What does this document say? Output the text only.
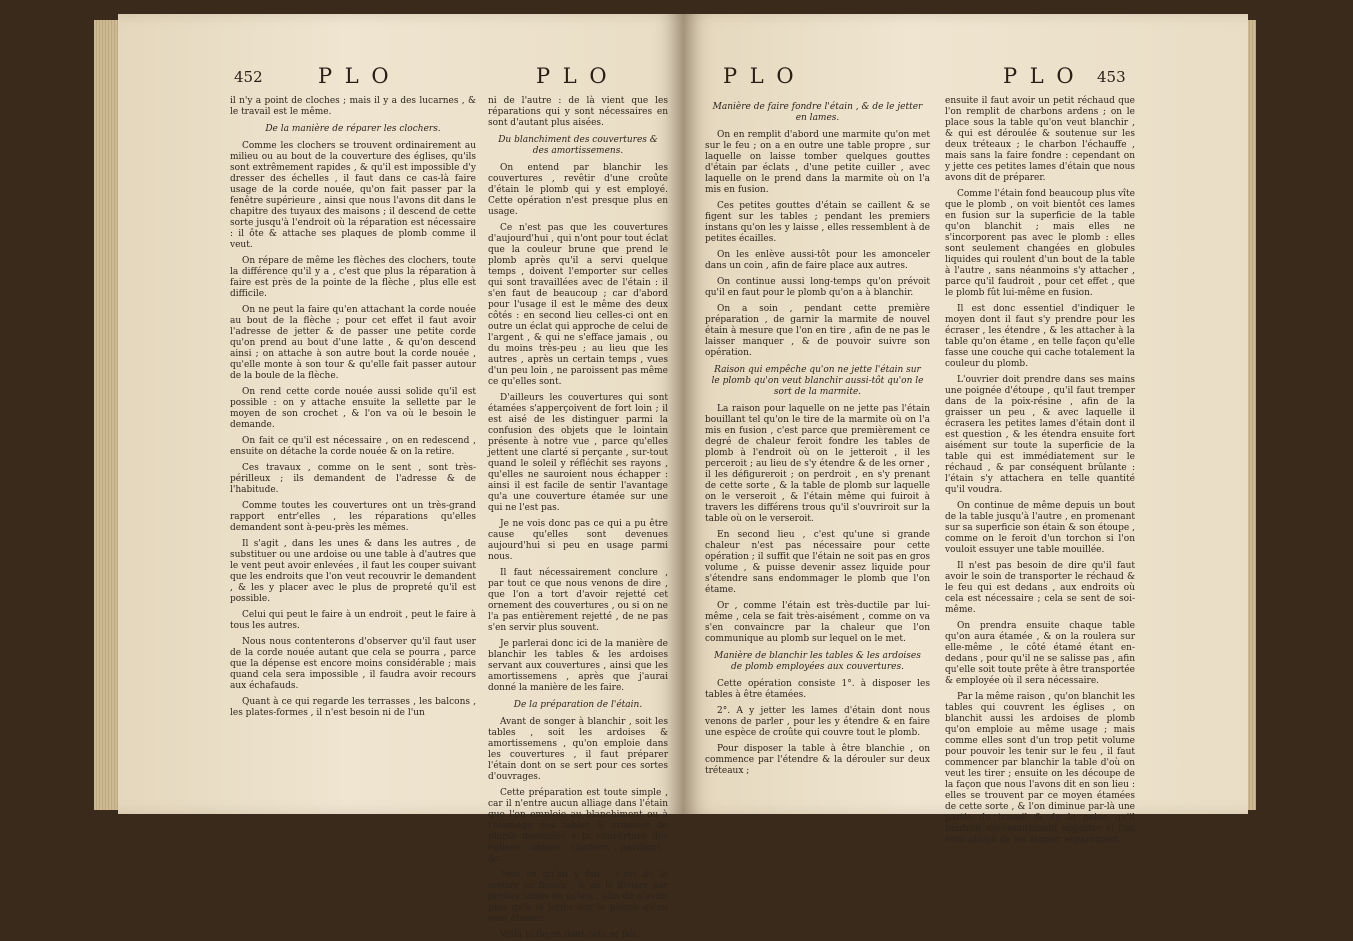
452	P L O	P L O

il n'y a point de cloches ; mais il y a des lucarnes , & le travail est le même.

De la manière de réparer les clochers.

Comme les clochers se trouvent ordinairement au milieu ou au bout de la couverture des églises, qu'ils sont extrêmement rapides , & qu'il est impossible d'y dresser des échelles , il faut dans ce cas-là faire usage de la corde nouée, qu'on fait passer par la fenêtre supérieure , ainsi que nous l'avons dit dans le chapitre des tuyaux des maisons ; il descend de cette sorte jusqu'à l'endroit où la réparation est nécessaire : il ôte & attache ses plaques de plomb comme il veut.

On répare de même les flèches des clochers, toute la différence qu'il y a , c'est que plus la réparation à faire est près de la pointe de la flèche , plus elle est difficile.

On ne peut la faire qu'en attachant la corde nouée au bout de la flèche ; pour cet effet il faut avoir l'adresse de jetter & de passer une petite corde qu'on prend au bout d'une latte , & qu'on descend ainsi ; on attache à son autre bout la corde nouée , qu'elle monte à son tour & qu'elle fait passer autour de la boule de la flèche.

On rend cette corde nouée aussi solide qu'il est possible : on y attache ensuite la sellette par le moyen de son crochet , & l'on va où le besoin le demande.

On fait ce qu'il est nécessaire , on en redescend , ensuite on détache la corde nouée & on la retire.

Ces travaux , comme on le sent , sont très-périlleux ; ils demandent de l'adresse & de l'habitude.

Comme toutes les couvertures ont un très-grand rapport entr'elles , les réparations qu'elles demandent sont à-peu-près les mêmes.

Il s'agit , dans les unes & dans les autres , de substituer ou une ardoise ou une table à d'autres que le vent peut avoir enlevées , il faut les couper suivant que les endroits que l'on veut recouvrir le demandent , & les y placer avec le plus de propreté qu'il est possible.

Celui qui peut le faire à un endroit , peut le faire à tous les autres.

Nous nous contenterons d'observer qu'il faut user de la corde nouée autant que cela se pourra , parce que la dépense est encore moins considérable ; mais quand cela sera impossible , il faudra avoir recours aux échafauds.

Quant à ce qui regarde les terrasses , les balcons , les plates-formes , il n'est besoin ni de l'un

ni de l'autre : de là vient que les réparations qui y sont nécessaires en sont d'autant plus aisées.

Du blanchiment des couvertures & des amortissemens.

On entend par blanchir les couvertures , revêtir d'une croûte d'étain le plomb qui y est employé. Cette opération n'est presque plus en usage.

Ce n'est pas que les couvertures d'aujourd'hui , qui n'ont pour tout éclat que la couleur brune que prend le plomb après qu'il a servi quelque temps , doivent l'emporter sur celles qui sont travaillées avec de l'étain : il s'en faut de beaucoup ; car d'abord pour l'usage il est le même des deux côtés : en second lieu celles-ci ont en outre un éclat qui approche de celui de l'argent , & qui ne s'efface jamais , ou du moins très-peu ; au lieu que les autres , après un certain temps , vues d'un peu loin , ne paroissent pas même ce qu'elles sont.

D'ailleurs les couvertures qui sont étamées s'apperçoivent de fort loin ; il est aisé de les distinguer parmi la confusion des objets que le lointain présente à notre vue , parce qu'elles jettent une clarté si perçante , sur-tout quand le soleil y réfléchit ses rayons , qu'elles ne sauroient nous échapper : ainsi il est facile de sentir l'avantage qu'a une couverture étamée sur une qui ne l'est pas.

Je ne vois donc pas ce qui a pu être cause qu'elles sont devenues aujourd'hui si peu en usage parmi nous.

Il faut nécessairement conclure , par tout ce que nous venons de dire , que l'on a tort d'avoir rejetté cet ornement des couvertures , ou si on ne l'a pas entièrement rejetté , de ne pas s'en servir plus souvent.

Je parlerai donc ici de la manière de blanchir les tables & les ardoises servant aux couvertures , ainsi que les amortissemens , après que j'aurai donné la manière de les faire.

De la préparation de l'étain.

Avant de songer à blanchir , soit les tables , soit les ardoises & amortissemens , qu'on emploie dans les couvertures , il faut préparer l'étain dont on se sert pour ces sortes d'ouvrages.

Cette préparation est toute simple , car il n'entre aucun alliage dans l'étain que l'on emploie au blanchiment ou à l'étamage des tables & ardoises de plomb destinées à la couverture des églises , dômes , clochers , pavillons , &c.

Tout ce qu'on y fait , c'est de le mettre en fusion , & de le diviser par petites lames ou éclats , afin de n'avoir plus qu'à le jetter sur le plomb qu'on veut étamer.

Voilà la façon dont cela se fait.

P L O	P L O 453

Manière de faire fondre l'étain , & de le jetter en lames.

On en remplit d'abord une marmite qu'on met sur le feu ; on a en outre une table propre , sur laquelle on laisse tomber quelques gouttes d'étain par éclats , d'une petite cuiller , avec laquelle on le prend dans la marmite où on l'a mis en fusion.

Ces petites gouttes d'étain se caillent & se figent sur les tables ; pendant les premiers instans qu'on les y laisse , elles ressemblent à de petites écailles.

On les enlève aussi-tôt pour les amonceler dans un coin , afin de faire place aux autres.

On continue aussi long-temps qu'on prévoit qu'il en faut pour le plomb qu'on a à blanchir.

On a soin , pendant cette première préparation , de garnir la marmite de nouvel étain à mesure que l'on en tire , afin de ne pas le laisser manquer , & de pouvoir suivre son opération.

Raison qui empêche qu'on ne jette l'étain sur le plomb qu'on veut blanchir aussi-tôt qu'on le sort de la marmite.

La raison pour laquelle on ne jette pas l'étain bouillant tel qu'on le tire de la marmite où on l'a mis en fusion , c'est parce que premièrement ce degré de chaleur feroit fondre les tables de plomb à l'endroit où on le jetteroit , il les perceroit ; au lieu de s'y étendre & de les orner , il les défigureroit ; on perdroit , en s'y prenant de cette sorte , & la table de plomb sur laquelle on le verseroit , & l'étain même qui fuiroit à travers les différens trous qu'il s'ouvriroit sur la table où on le verseroit.

En second lieu , c'est qu'une si grande chaleur n'est pas nécessaire pour cette opération ; il suffit que l'étain ne soit pas en gros volume , & puisse devenir assez liquide pour s'étendre sans endommager le plomb que l'on étame.

Or , comme l'étain est très-ductile par lui-même , cela se fait très-aisément , comme on va s'en convaincre par la chaleur que l'on communique au plomb sur lequel on le met.

Manière de blanchir les tables & les ardoises de plomb employées aux couvertures.

Cette opération consiste 1°. à disposer les tables à être étamées.

2°. A y jetter les lames d'étain dont nous venons de parler , pour les y étendre & en faire une espèce de croûte qui couvre tout le plomb.

Pour disposer la table à être blanchie , on commence par l'étendre & la dérouler sur deux tréteaux ;

ensuite il faut avoir un petit réchaud que l'on remplit de charbons ardens ; on le place sous la table qu'on veut blanchir , & qui est déroulée & soutenue sur les deux tréteaux ; le charbon l'échauffe , mais sans la faire fondre : cependant on y jette ces petites lames d'étain que nous avons dit de préparer.

Comme l'étain fond beaucoup plus vîte que le plomb , on voit bientôt ces lames en fusion sur la superficie de la table qu'on blanchit ; mais elles ne s'incorporent pas avec le plomb : elles sont seulement changées en globules liquides qui roulent d'un bout de la table à l'autre , sans néanmoins s'y attacher , parce qu'il faudroit , pour cet effet , que le plomb fût lui-même en fusion.

Il est donc essentiel d'indiquer le moyen dont il faut s'y prendre pour les écraser , les étendre , & les attacher à la table qu'on étame , en telle façon qu'elle fasse une couche qui cache totalement la couleur du plomb.

L'ouvrier doit prendre dans ses mains une poignée d'étoupe , qu'il faut tremper dans de la poix-résine , afin de la graisser un peu , & avec laquelle il écrasera les petites lames d'étain dont il est question , & les étendra ensuite fort aisément sur toute la superficie de la table qui est immédiatement sur le réchaud , & par conséquent brûlante : l'étain s'y attachera en telle quantité qu'il voudra.

On continue de même depuis un bout de la table jusqu'à l'autre , en promenant sur sa superficie son étain & son étoupe , comme on le feroit d'un torchon si l'on vouloit essuyer une table mouillée.

Il n'est pas besoin de dire qu'il faut avoir le soin de transporter le réchaud & le feu qui est dedans , aux endroits où cela est nécessaire ; cela se sent de soi-même.

On prendra ensuite chaque table qu'on aura étamée , & on la roulera sur elle-même , le côté étamé étant en-dedans , pour qu'il ne se salisse pas , afin qu'elle soit toute prête à être transportée & employée où il sera nécessaire.

Par la même raison , qu'on blanchit les tables qui couvrent les églises , on blanchit aussi les ardoises de plomb qu'on emploie au même usage ; mais comme elles sont d'un trop petit volume pour pouvoir les tenir sur le feu , il faut commencer par blanchir la table d'où on veut les tirer ; ensuite on les découpe de la façon que nous l'avons dit en son lieu : elles se trouvent par ce moyen étamées de cette sorte , & l'on diminue par-là une partie du travail & de la peine qu'il faudroit nécessairement apporter si l'on étoit obligé de les étamer séparément.
